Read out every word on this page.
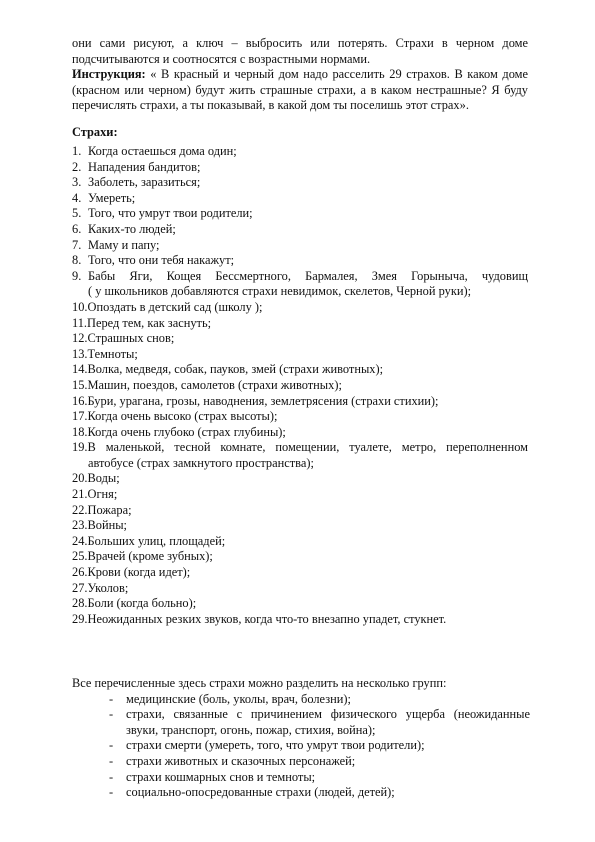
они сами рисуют, а ключ – выбросить или потерять. Страхи в черном доме
подсчитываются и соотносятся с возрастными нормами.
Инструкция: « В красный и черный дом надо расселить 29 страхов. В каком доме
(красном или черном) будут жить страшные страхи, а в каком нестрашные? Я буду
перечислять страхи, а ты показывай, в какой дом ты поселишь этот страх».
Страхи:
1. Когда остаешься дома один;
2. Нападения бандитов;
3. Заболеть, заразиться;
4. Умереть;
5. Того, что умрут твои родители;
6. Каких-то людей;
7. Маму и папу;
8. Того, что они тебя накажут;
9. Бабы Яги, Кощея Бессмертного, Бармалея, Змея Горыныча, чудовищ
( у школьников добавляются страхи невидимок, скелетов, Черной руки);
10.Опоздать в детский сад (школу );
11.Перед тем, как заснуть;
12.Страшных снов;
13.Темноты;
14.Волка, медведя, собак, пауков, змей (страхи животных);
15.Машин, поездов, самолетов (страхи животных);
16.Бури, урагана, грозы, наводнения, землетрясения (страхи стихии);
17.Когда очень высоко (страх высоты);
18.Когда очень глубоко (страх глубины);
19.В маленькой, тесной комнате, помещении, туалете, метро, переполненном
автобусе (страх замкнутого пространства);
20.Воды;
21.Огня;
22.Пожара;
23.Войны;
24.Больших улиц, площадей;
25.Врачей (кроме зубных);
26.Крови (когда идет);
27.Уколов;
28.Боли (когда больно);
29.Неожиданных резких звуков, когда что-то внезапно упадет, стукнет.
Все перечисленные здесь страхи можно разделить на несколько групп:
- медицинские (боль, уколы, врач, болезни);
- страхи, связанные с причинением физического ущерба (неожиданные
звуки, транспорт, огонь, пожар, стихия, война);
- страхи смерти (умереть, того, что умрут твои родители);
- страхи животных и сказочных персонажей;
- страхи кошмарных снов и темноты;
- социально-опосредованные страхи (людей, детей);
